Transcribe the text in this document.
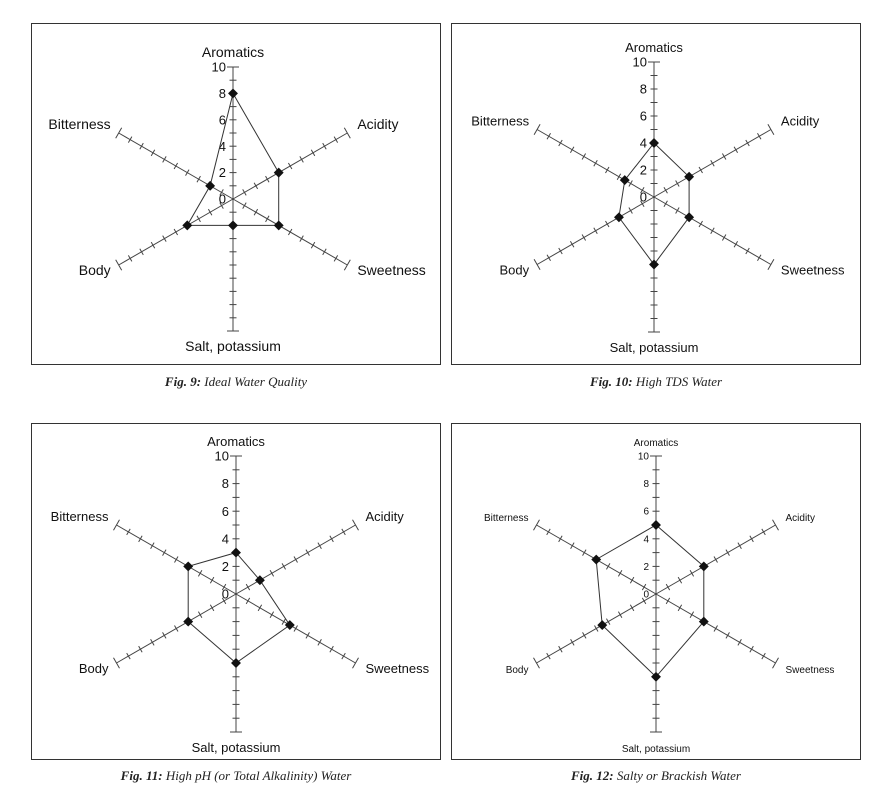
Aromatics
Acidity
Sweetness
Salt, potassium
Body
Bitterness
10
8
6
4
2
0
Fig. 9: Ideal Water Quality
Aromatics
Acidity
Sweetness
Salt, potassium
Body
Bitterness
10
8
6
4
2
0
Fig. 10: High TDS Water
Aromatics
Acidity
Sweetness
Salt, potassium
Body
Bitterness
10
8
6
4
2
0
Fig. 11: High pH (or Total Alkalinity) Water
Aromatics
Acidity
Sweetness
Salt, potassium
Body
Bitterness
10
8
6
4
2
0
Fig. 12: Salty or Brackish Water
